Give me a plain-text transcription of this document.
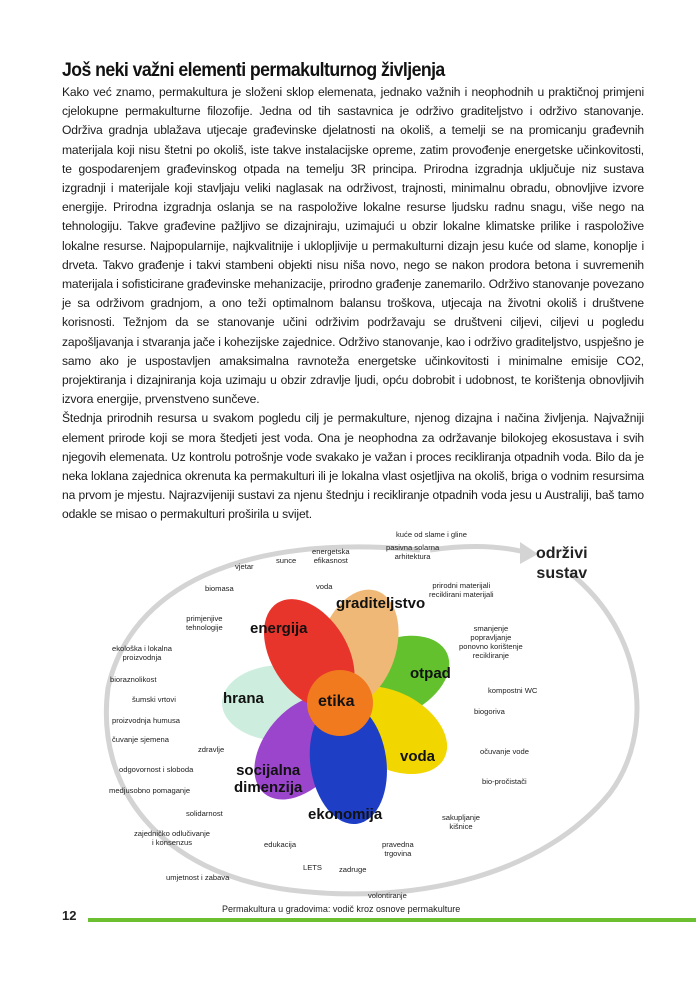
Još neki važni elementi permakulturnog življenja

Kako već znamo, permakultura je složeni sklop elemenata, jednako važnih i neophodnih u praktičnoj primjeni cjelokupne permakulturne filozofije. Jedna od tih sastavnica je održivo graditeljstvo i održivo stanovanje. Održiva gradnja ublažava utjecaje građevinske djelatnosti na okoliš, a temelji se na promicanju građevnih materijala koji nisu štetni po okoliš, iste takve instalacijske opreme, zatim provođenje energetske učinkovitosti, te gospodarenjem građevinskog otpada na temelju 3R principa. Prirodna izgradnja uključuje niz sustava izgradnji i materijale koji stavljaju veliki naglasak na održivost, trajnosti, minimalnu obradu, obnovljive izvore energije. Prirodna izgradnja oslanja se na raspoložive lokalne resurse ljudsku radnu snagu, više nego na tehnologiju. Takve građevine pažljivo se dizajniraju, uzimajući u obzir lokalne klimatske prilike i raspoložive lokalne resurse. Najpopularnije, najkvalitnije i uklopljivije u permakulturni dizajn jesu kuće od slame, konoplje i drveta. Takvo građenje i takvi stambeni objekti nisu niša novo, nego se nakon prodora betona i suvremenih materijala i sofisticirane građevinske mehanizacije, prirodno građenje zanemarilo. Održivo stanovanje povezano je sa održivom gradnjom, a ono teži optimalnom balansu troškova, utjecaja na životni okoliš i društvene korisnosti. Težnjom da se stanovanje učini održivim podržavaju se društveni ciljevi, ciljevi u pogledu zapošljavanja i stvaranja jače i kohezijske zajednice. Održivo stanovanje, kao i održivo graditeljstvo, uspješno je samo ako je uspostavljen amaksimalna ravnoteža energetske učinkovitosti i minimalne emisije CO2, projektiranja i dizajniranja koja uzimaju u obzir zdravlje ljudi, opću dobrobit i udobnost, te korištenja obnovljivih izvora energije, prvenstveno sunčeve.

Štednja prirodnih resursa u svakom pogledu cilj je permakulture, njenog dizajna i načina življenja. Najvažniji element prirode koji se mora štedjeti jest voda. Ona je neophodna za održavanje bilokojeg ekosustava i svih njegovih elemenata. Uz kontrolu potrošnje vode svakako je važan i proces recikliranja otpadnih voda. Bilo da je neka loklana zajednica okrenuta ka permakulturi ili je lokalna vlast osjetljiva na okoliš, briga o vodnim resursima na prvom je mjestu. Najrazvijeniji sustavi za njenu štednju i recikliranje otpadnih voda jesu u Australiji, baš tamo odakle se misao o permakulturi proširila u svijet.

energija
graditeljstvo
otpad
voda
ekonomija
socijalna
dimenzija
hrana	etika
održivi
sustav
kuće od slame i gline
pasivna solarna
arhitektura
energetska
efikasnost
vjetar
sunce
voda
biomasa
primjenjive
tehnologije
prirodni materijali
reciklirani materijali
smanjenje
popravljanje
ponovno korištenje
recikliranje
ekološka i lokalna
proizvodnja
bioraznolikost
kompostni WC
šumski vrtovi
biogoriva
proizvodnja humusa
čuvanje sjemena
zdravlje	očuvanje vode
odgovornost i sloboda
bio-pročistači
medjusobno pomaganje
solidarnost	sakupljanje
kišnice
zajedničko odlučivanje
i konsenzus	edukacija	pravedna
trgovina
LETS zadruge
umjetnost i zabava
volontiranje
12	Permakultura u gradovima: vodič kroz osnove permakulture
